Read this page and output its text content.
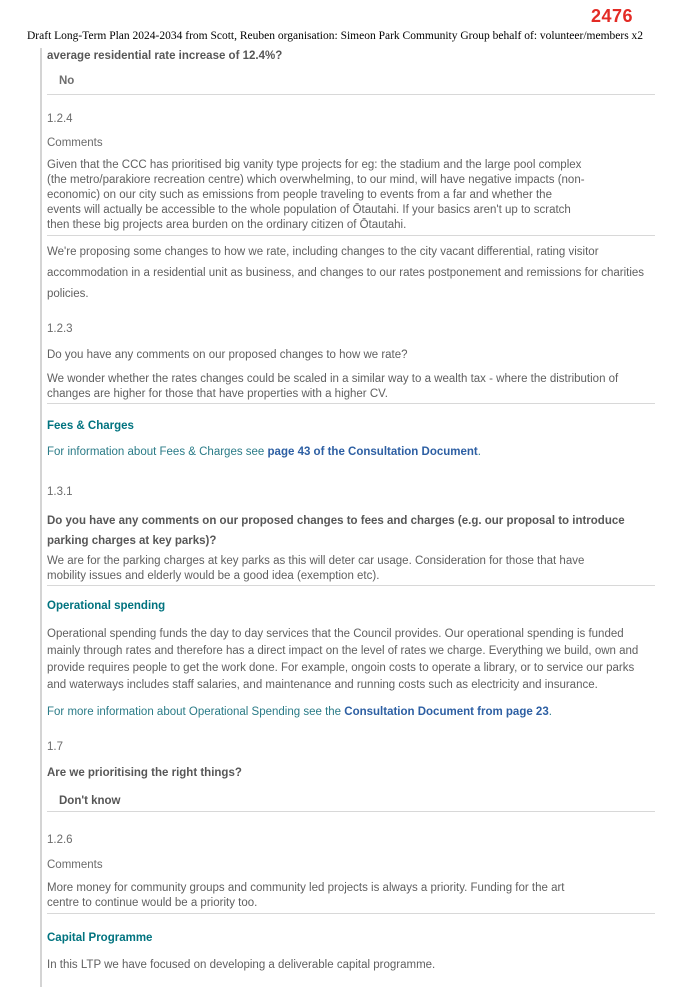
2476
Draft Long-Term Plan 2024-2034 from Scott, Reuben organisation: Simeon Park Community Group behalf of: volunteer/members x2

average residential rate increase of 12.4%?

No

1.2.4

Comments

Given that the CCC has prioritised big vanity type projects for eg: the stadium and the large pool complex (the metro/parakiore recreation centre) which overwhelming, to our mind, will have negative impacts (non-economic) on our city such as emissions from people traveling to events from a far and whether the events will actually be accessible to the whole population of Ōtautahi. If your basics aren't up to scratch then these big projects area burden on the ordinary citizen of Ōtautahi.

We're proposing some changes to how we rate, including changes to the city vacant differential, rating visitor accommodation in a residential unit as business, and changes to our rates postponement and remissions for charities policies.

1.2.3

Do you have any comments on our proposed changes to how we rate?

We wonder whether the rates changes could be scaled in a similar way to a wealth tax - where the distribution of changes are higher for those that have properties with a higher CV.

Fees & Charges

For information about Fees & Charges see page 43 of the Consultation Document.

1.3.1

Do you have any comments on our proposed changes to fees and charges (e.g. our proposal to introduce parking charges at key parks)?

We are for the parking charges at key parks as this will deter car usage. Consideration for those that have mobility issues and elderly would be a good idea (exemption etc).

Operational spending

Operational spending funds the day to day services that the Council provides. Our operational spending is funded mainly through rates and therefore has a direct impact on the level of rates we charge. Everything we build, own and provide requires people to get the work done. For example, ongoin costs to operate a library, or to service our parks and waterways includes staff salaries, and maintenance and running costs such as electricity and insurance.

For more information about Operational Spending see the Consultation Document from page 23.

1.7

Are we prioritising the right things?

Don't know

1.2.6

Comments

More money for community groups and community led projects is always a priority. Funding for the art centre to continue would be a priority too.

Capital Programme

In this LTP we have focused on developing a deliverable capital programme.
